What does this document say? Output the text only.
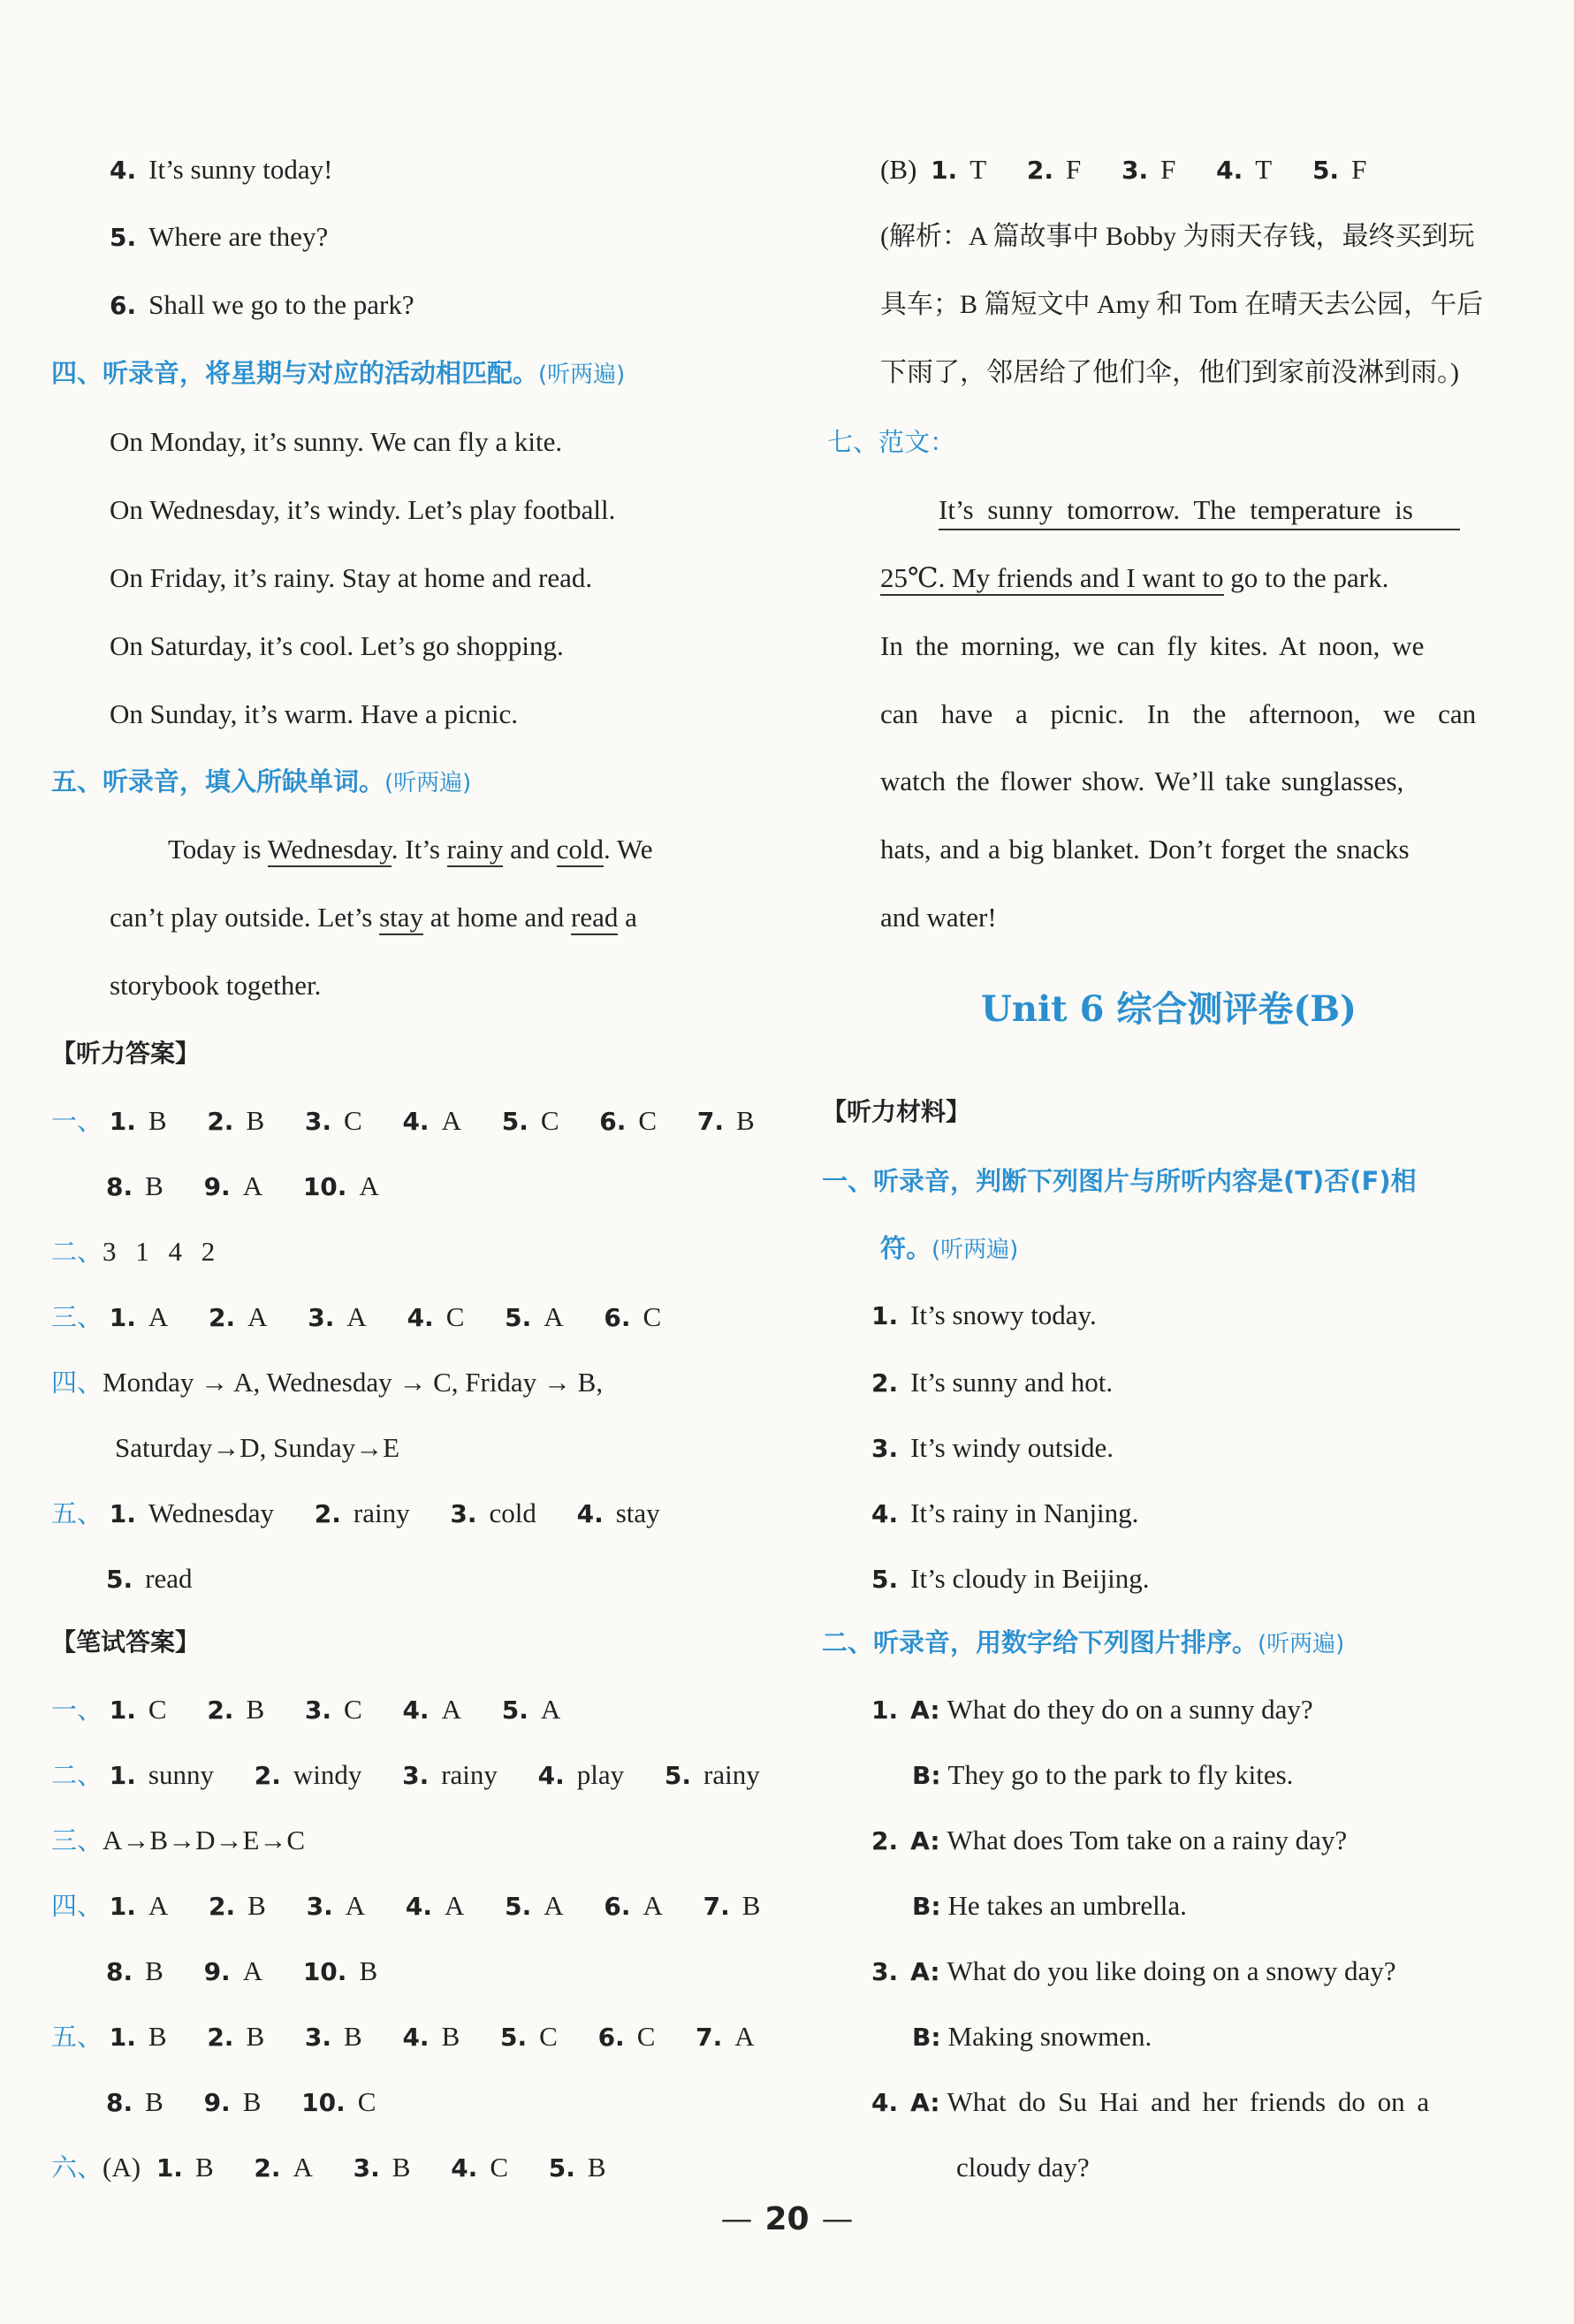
4. It’s sunny today!
5. Where are they?
6. Shall we go to the park?
四、听录音，将星期与对应的活动相匹配。(听两遍)
On Monday, it’s sunny. We can fly a kite.
On Wednesday, it’s windy. Let’s play football.
On Friday, it’s rainy. Stay at home and read.
On Saturday, it’s cool. Let’s go shopping.
On Sunday, it’s warm. Have a picnic.
五、听录音，填入所缺单词。(听两遍)
Today is Wednesday. It’s rainy and cold. We
can’t play outside. Let’s stay at home and read a
storybook together.
【听力答案】
一、 1. B 2. B 3. C 4. A 5. C 6. C 7. B
8. B 9. A 10. A
二、3 1 4 2
三、 1. A 2. A 3. A 4. C 5. A 6. C
四、Monday → A, Wednesday → C, Friday → B,
Saturday→D, Sunday→E
五、 1. Wednesday 2. rainy 3. cold 4. stay
5. read
【笔试答案】
一、 1. C 2. B 3. C 4. A 5. A
二、 1. sunny 2. windy 3. rainy 4. play 5. rainy
三、A→B→D→E→C
四、 1. A 2. B 3. A 4. A 5. A 6. A 7. B
8. B 9. A 10. B
五、 1. B 2. B 3. B 4. B 5. C 6. C 7. A
8. B 9. B 10. C
六、(A) 1. B 2. A 3. B 4. C 5. B
(B) 1. T 2. F 3. F 4. T 5. F
(解析：A 篇故事中 Bobby 为雨天存钱，最终买到玩
具车；B 篇短文中 Amy 和 Tom 在晴天去公园，午后
下雨了，邻居给了他们伞，他们到家前没淋到雨。)
七、范文：
It’s sunny tomorrow. The temperature is
25℃. My friends and I want to go to the park.
In the morning, we can fly kites. At noon, we
can have a picnic. In the afternoon, we can
watch the flower show. We’ll take sunglasses,
hats, and a big blanket. Don’t forget the snacks
and water!
【听力材料】
一、听录音，判断下列图片与所听内容是(T)否(F)相
符。(听两遍)
1. It’s snowy today.
2. It’s sunny and hot.
3. It’s windy outside.
4. It’s rainy in Nanjing.
5. It’s cloudy in Beijing.
二、听录音，用数字给下列图片排序。(听两遍)
1. A: What do they do on a sunny day?
B: They go to the park to fly kites.
2. A: What does Tom take on a rainy day?
B: He takes an umbrella.
3. A: What do you like doing on a snowy day?
B: Making snowmen.
4. A: What do Su Hai and her friends do on a
cloudy day?
Unit 6 综合测评卷(B)
— 20 —
